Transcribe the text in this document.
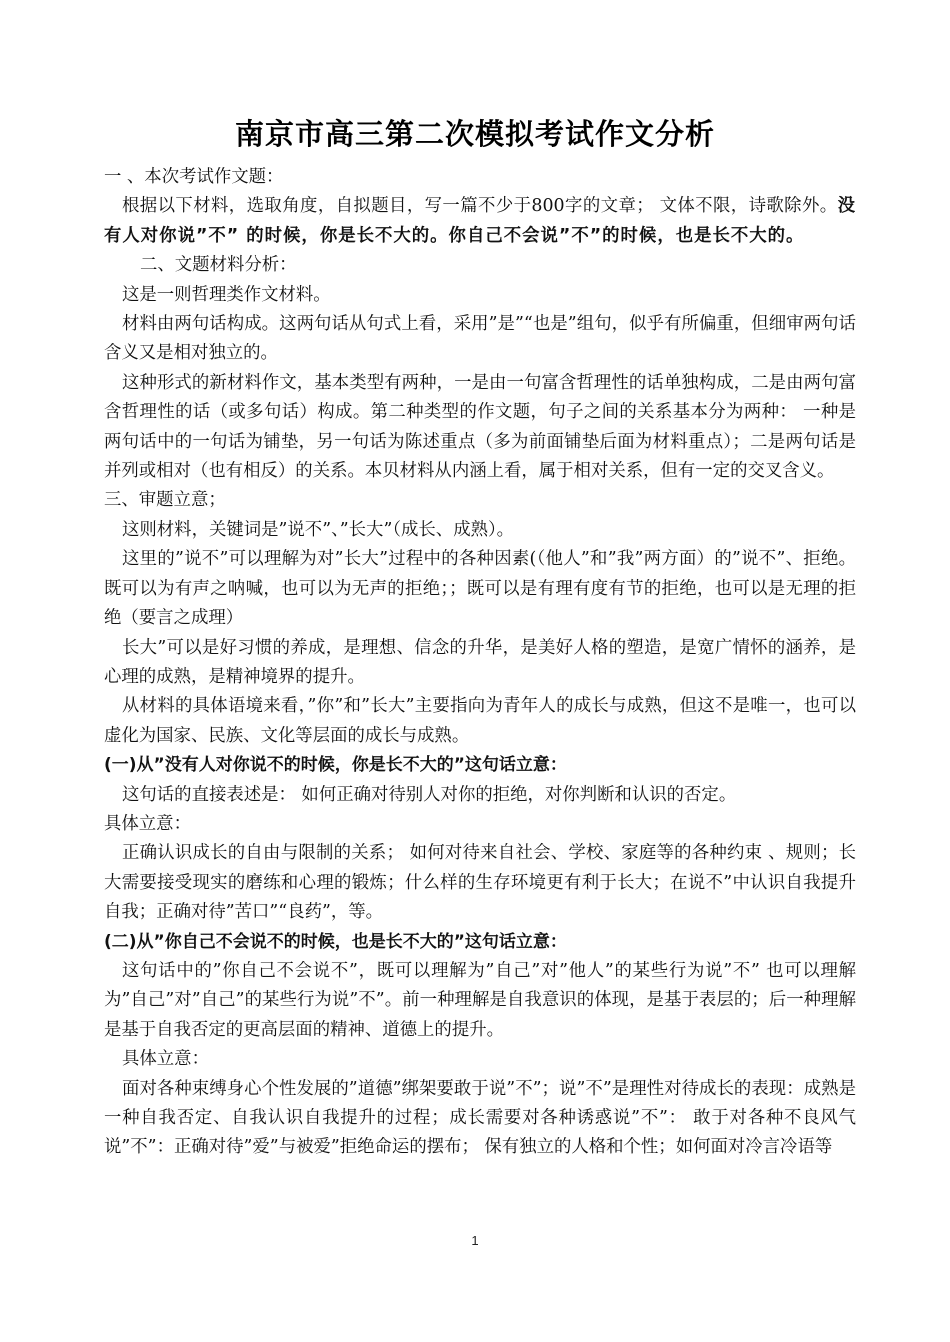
南京市高三第二次模拟考试作文分析

一 、本次考试作文题：

根据以下材料，选取角度，自拟题目，写一篇不少于800字的文章； 文体不限，诗歌除外。没有人对你说”不” 的时候，你是长不大的。你自己不会说”不”的时候，也是长不大的。

二、文题材料分析：

这是一则哲理类作文材料。

材料由两句话构成。这两句话从句式上看，采用”是”“也是”组句，似乎有所偏重，但细审两句话含义又是相对独立的。

这种形式的新材料作文，基本类型有两种，一是由一句富含哲理性的话单独构成，二是由两句富含哲理性的话（或多句话）构成。第二种类型的作文题，句子之间的关系基本分为两种： 一种是两句话中的一句话为铺垫，另一句话为陈述重点（多为前面铺垫后面为材料重点）；二是两句话是并列或相对（也有相反）的关系。本贝材料从内涵上看，属于相对关系，但有一定的交叉含义。

三、审题立意；

这则材料，关键词是”说不”、”长大”（成长、成熟）。

这里的”说不”可以理解为对”长大”过程中的各种因素(（他人”和”我”两方面）的”说不”、拒绝。既可以为有声之呐喊，也可以为无声的拒绝；；既可以是有理有度有节的拒绝，也可以是无理的拒绝（要言之成理）

长大”可以是好习惯的养成，是理想、信念的升华，是美好人格的塑造，是宽广情怀的涵养，是心理的成熟，是精神境界的提升。

从材料的具体语境来看，”你”和”长大”主要指向为青年人的成长与成熟，但这不是唯一，也可以虚化为国家、民族、文化等层面的成长与成熟。

(一)从”没有人对你说不的时候，你是长不大的”这句话立意：

这句话的直接表述是： 如何正确对待别人对你的拒绝，对你判断和认识的否定。

具体立意：

正确认识成长的自由与限制的关系； 如何对待来自社会、学校、家庭等的各种约束 、规则；长大需要接受现实的磨练和心理的锻炼；什么样的生存环境更有利于长大；在说不”中认识自我提升自我；正确对待”苦口”“良药”，等。

(二)从”你自己不会说不的时候，也是长不大的”这句话立意：

这句话中的”你自己不会说不”，既可以理解为”自己”对”他人”的某些行为说”不” 也可以理解为”自己”对”自己”的某些行为说”不”。前一种理解是自我意识的体现，是基于表层的；后一种理解是基于自我否定的更高层面的精神、道德上的提升。

具体立意：

面对各种束缚身心个性发展的”道德”绑架要敢于说”不”；说”不”是理性对待成长的表现：成熟是一种自我否定、自我认识自我提升的过程；成长需要对各种诱惑说”不”： 敢于对各种不良风气说”不”：正确对待”爱”与被爱”拒绝命运的摆布； 保有独立的人格和个性；如何面对冷言冷语等

1
